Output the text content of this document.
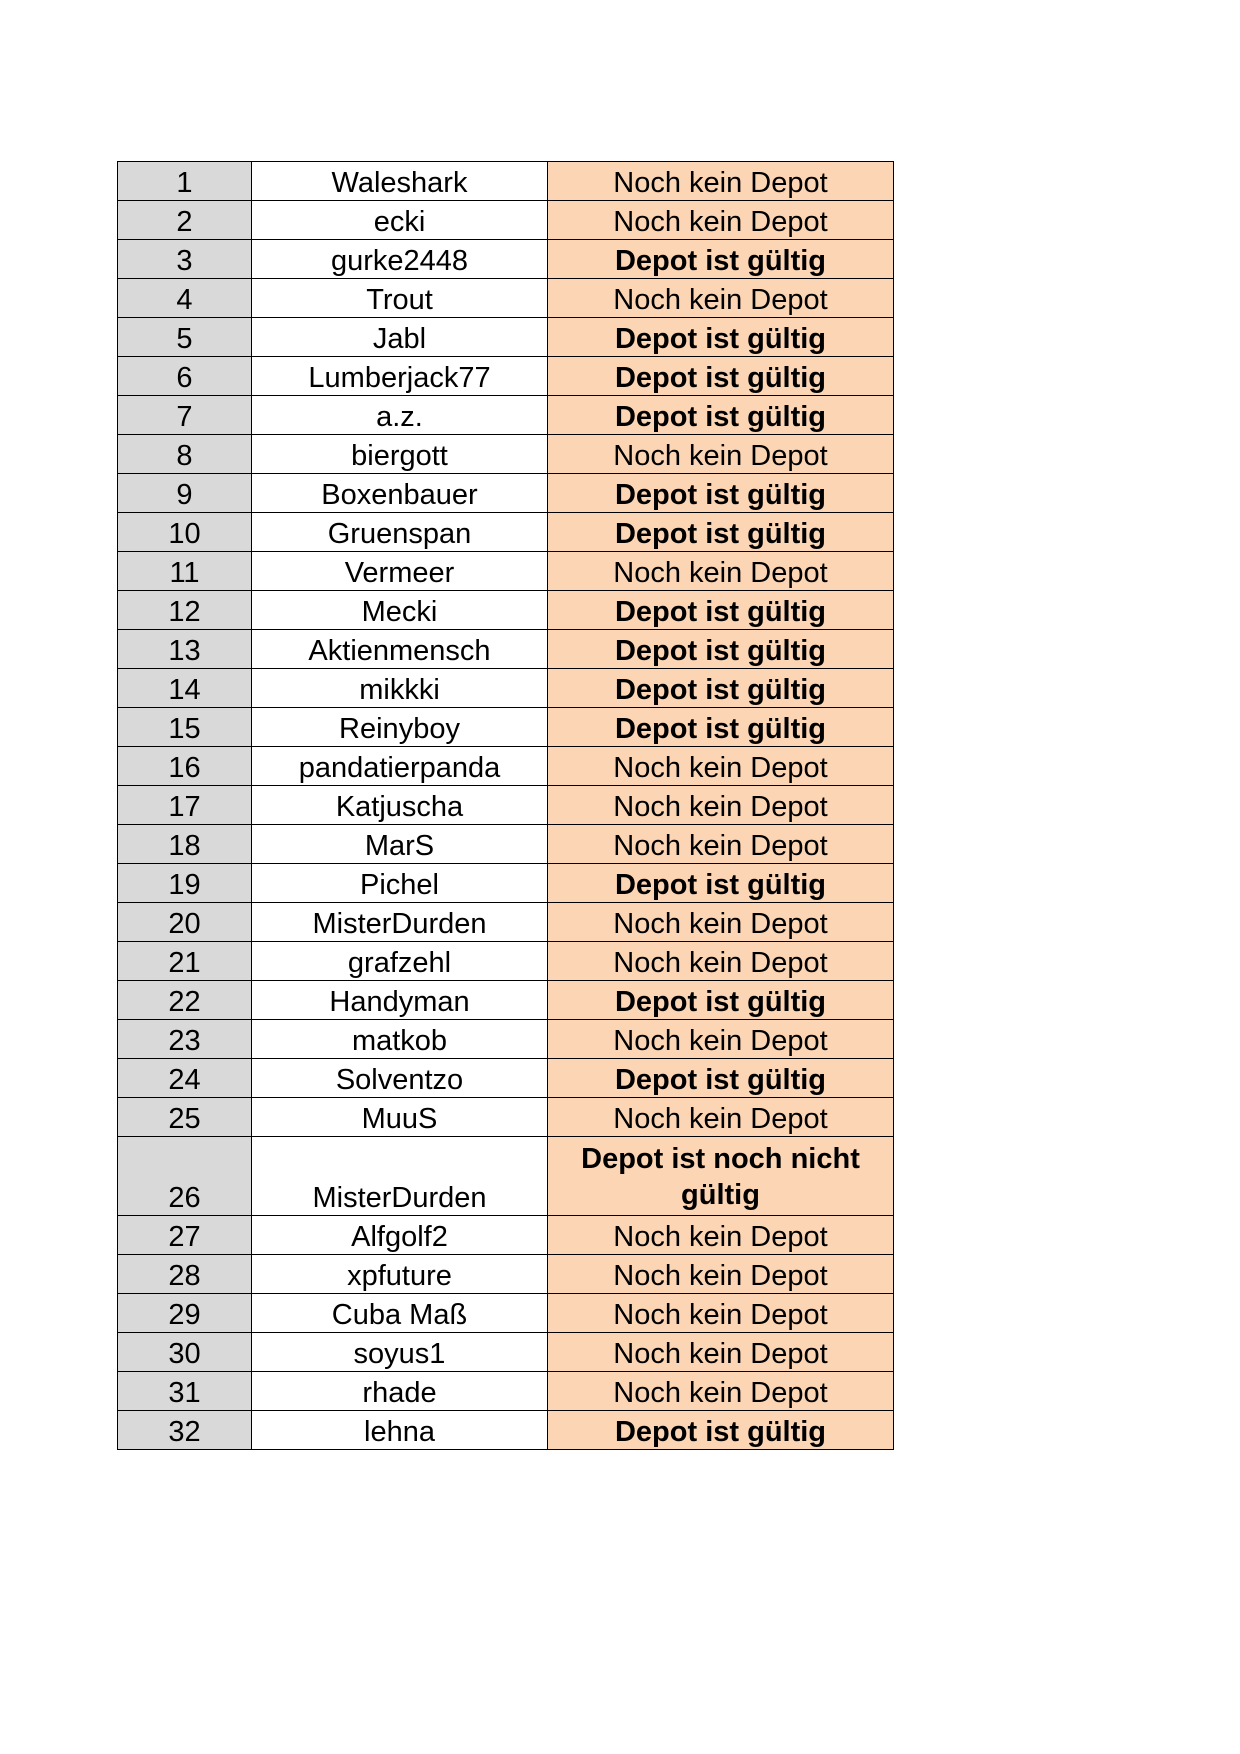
1	Waleshark	Noch kein Depot
2	ecki	Noch kein Depot
3	gurke2448	Depot ist gültig
4	Trout	Noch kein Depot
5	Jabl	Depot ist gültig
6	Lumberjack77	Depot ist gültig
7	a.z.	Depot ist gültig
8	biergott	Noch kein Depot
9	Boxenbauer	Depot ist gültig
10	Gruenspan	Depot ist gültig
11	Vermeer	Noch kein Depot
12	Mecki	Depot ist gültig
13	Aktienmensch	Depot ist gültig
14	mikkki	Depot ist gültig
15	Reinyboy	Depot ist gültig
16	pandatierpanda	Noch kein Depot
17	Katjuscha	Noch kein Depot
18	MarS	Noch kein Depot
19	Pichel	Depot ist gültig
20	MisterDurden	Noch kein Depot
21	grafzehl	Noch kein Depot
22	Handyman	Depot ist gültig
23	matkob	Noch kein Depot
24	Solventzo	Depot ist gültig
25	MuuS	Noch kein Depot
26	MisterDurden	Depot ist noch nicht gültig
27	Alfgolf2	Noch kein Depot
28	xpfuture	Noch kein Depot
29	Cuba Maß	Noch kein Depot
30	soyus1	Noch kein Depot
31	rhade	Noch kein Depot
32	lehna	Depot ist gültig
